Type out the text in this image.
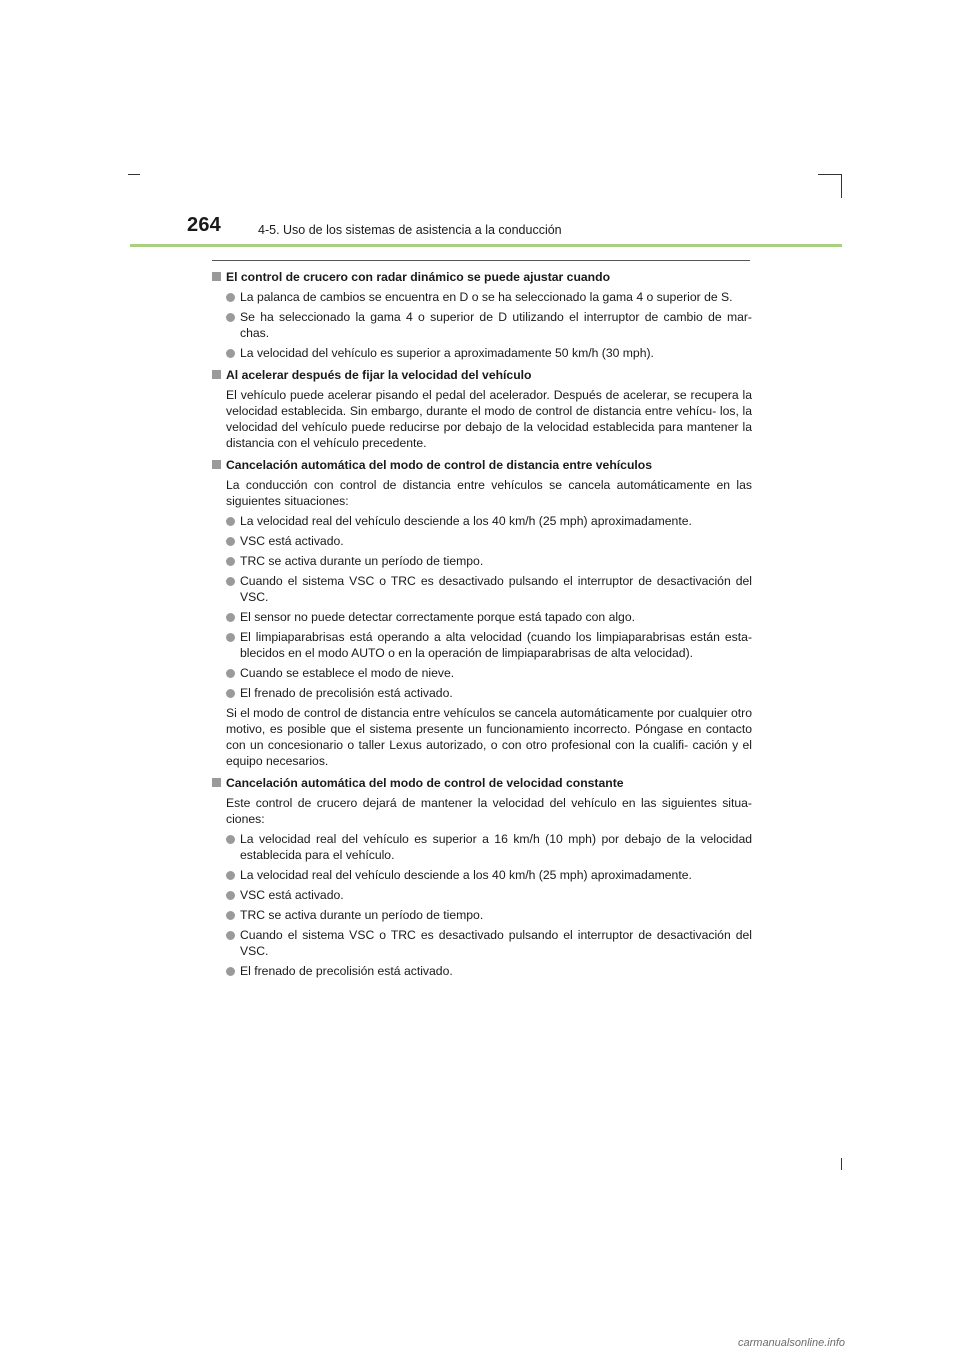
264	4-5. Uso de los sistemas de asistencia a la conducción
El control de crucero con radar dinámico se puede ajustar cuando
La palanca de cambios se encuentra en D o se ha seleccionado la gama 4 o superior de S.
Se ha seleccionado la gama 4 o superior de D utilizando el interruptor de cambio de mar- chas.
La velocidad del vehículo es superior a aproximadamente 50 km/h (30 mph).
Al acelerar después de fijar la velocidad del vehículo
El vehículo puede acelerar pisando el pedal del acelerador. Después de acelerar, se recupera la velocidad establecida. Sin embargo, durante el modo de control de distancia entre vehícu- los, la velocidad del vehículo puede reducirse por debajo de la velocidad establecida para mantener la distancia con el vehículo precedente.
Cancelación automática del modo de control de distancia entre vehículos
La conducción con control de distancia entre vehículos se cancela automáticamente en las siguientes situaciones:
La velocidad real del vehículo desciende a los 40 km/h (25 mph) aproximadamente.
VSC está activado.
TRC se activa durante un período de tiempo.
Cuando el sistema VSC o TRC es desactivado pulsando el interruptor de desactivación del VSC.
El sensor no puede detectar correctamente porque está tapado con algo.
El limpiaparabrisas está operando a alta velocidad (cuando los limpiaparabrisas están esta- blecidos en el modo AUTO o en la operación de limpiaparabrisas de alta velocidad).
Cuando se establece el modo de nieve.
El frenado de precolisión está activado.
Si el modo de control de distancia entre vehículos se cancela automáticamente por cualquier otro motivo, es posible que el sistema presente un funcionamiento incorrecto. Póngase en contacto con un concesionario o taller Lexus autorizado, o con otro profesional con la cualifi- cación y el equipo necesarios.
Cancelación automática del modo de control de velocidad constante
Este control de crucero dejará de mantener la velocidad del vehículo en las siguientes situa- ciones:
La velocidad real del vehículo es superior a 16 km/h (10 mph) por debajo de la velocidad establecida para el vehículo.
La velocidad real del vehículo desciende a los 40 km/h (25 mph) aproximadamente.
VSC está activado.
TRC se activa durante un período de tiempo.
Cuando el sistema VSC o TRC es desactivado pulsando el interruptor de desactivación del VSC.
El frenado de precolisión está activado.
carmanualsonline.info
